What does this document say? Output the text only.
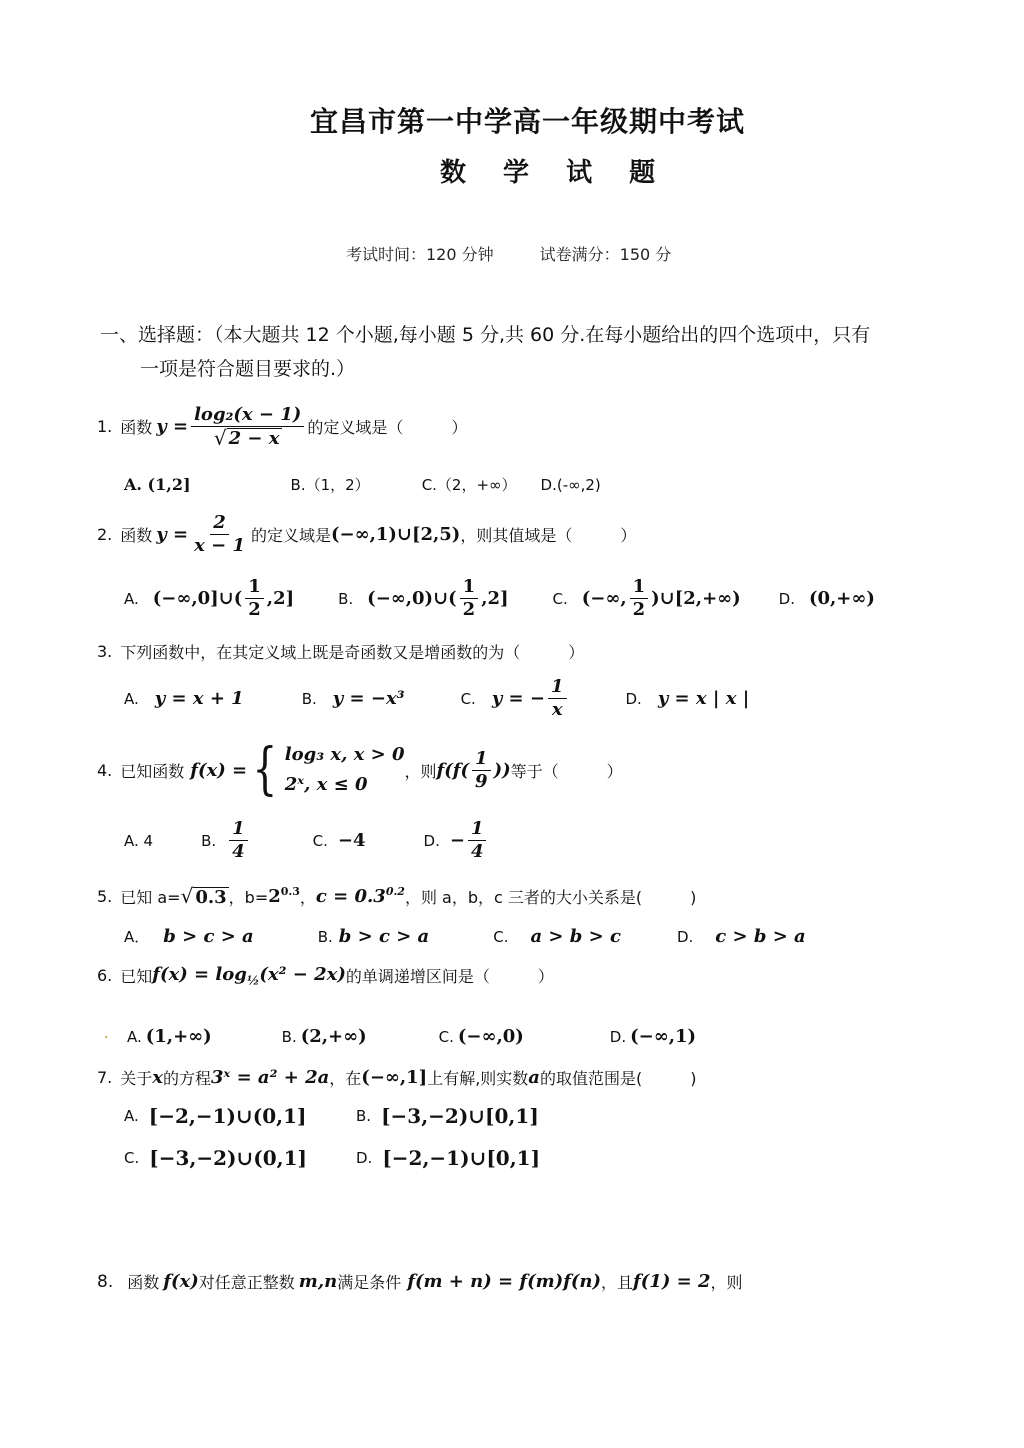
宜昌市第一中学高一年级期中考试
数 学 试 题
考试时间：120 分钟	试卷满分：150 分
一、选择题：（本大题共 12 个小题,每小题 5 分,共 60 分.在每小题给出的四个选项中，只有
一项是符合题目要求的.）
1. 函数 $y = \frac{\text{log₂(x − 1)}}{√ 2 - x}$ 的定义域是（　　　）
A. (1,2]	B.（1，2）	C.（2，+∞） D.(-∞,2)
2. 函数 $y = \frac{2}{x - 1}$ 的定义域是 (−∞,1)∪[2,5) ，则其值域是（　　　）
A. (−∞,0]∪( $\frac{1}{2} ,2$]	B. (−∞,0)∪( $\frac{1}{2} ,2$]	C. (−∞, $\frac{1}{2}$ )∪[2,+∞)	D. (0,+∞)
3. 下列函数中，在其定义域上既是奇函数又是增函数的为（　　　）
A. y = x + 1	B. y = −x³	C. y = − $\frac{1}{x}$	D. y = x | x |
4. 已知函数 f(x) = { log₃ x, x > 0
2ˣ, x ≤ 0
，则 $f(f( \frac{1}{9}$ )) 等于（　　　）
A. 4	B. $\frac{1}{4}$	C. −4	D. − $\frac{1}{4}$
5. 已知 a= √ 0.3 ，$b= 2^{0.3}$ ， $c = 0.3^{0.2}$ ，则 a，b，c 三者的大小关系是(　　　)
A． b > c > a	B. b > c > a	C. a > b > c	D. c > b > a
6. 已知 $f(x) = \log_{\frac{1}{2}}(x^2 - 2x)$ 的单调递增区间是（　　　）
. A. (1,+∞)	B. (2,+∞)	C. (−∞,0)	D. (−∞,1)
7. 关于 x 的方程 3ˣ = a² + 2a ，在 (−∞,1] 上有解,则实数 a 的取值范围是(　　　)
A. [−2,−1)∪(0,1]	B. [−3,−2)∪[0,1]
C. [−3,−2)∪(0,1]	D. [−2,−1)∪[0,1]
8. 函数 f(x) 对任意正整数 m,n 满足条件 f(m + n) = f(m)f(n) ，且 f(1) = 2 ，则
